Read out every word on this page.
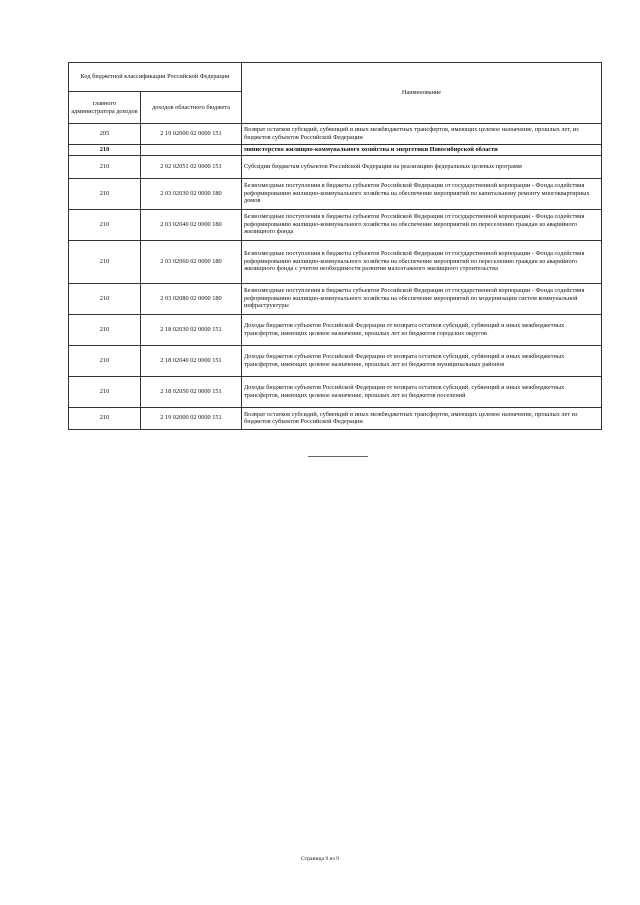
Код бюджетной классификации Российской Федерации		Наименование
главного администратора доходов	доходов областного бюджета	
205	2 19 02000 02 0000 151	Возврат остатков субсидий, субвенций и иных межбюджетных трансфертов, имеющих целевое назначение, прошлых лет, из бюджетов субъектов Российской Федерации
210		министерство жилищно-коммунального хозяйства и энергетики Новосибирской области
210	2 02 02051 02 0000 151	Субсидии бюджетам субъектов Российской Федерации на реализацию федеральных целевых программ
210	2 03 02030 02 0000 180	Безвозмездные поступления в бюджеты субъектов Российской Федерации от государственной корпорации - Фонда содействия реформированию жилищно-коммунального хозяйства на обеспечение мероприятий по капитальному ремонту многоквартирных домов
210	2 03 02040 02 0000 180	Безвозмездные поступления в бюджеты субъектов Российской Федерации от государственной корпорации - Фонда содействия реформированию жилищно-коммунального хозяйства на обеспечение мероприятий по переселению граждан из аварийного жилищного фонда
210	2 03 02060 02 0000 180	Безвозмездные поступления в бюджеты субъектов Российской Федерации от государственной корпорации - Фонда содействия реформированию жилищно-коммунального хозяйства на обеспечение мероприятий по переселению граждан из аварийного жилищного фонда с учетом необходимости развития малоэтажного жилищного строительства
210	2 03 02080 02 0000 180	Безвозмездные поступления в бюджеты субъектов Российской Федерации от государственной корпорации - Фонда содействия реформированию жилищно-коммунального хозяйства на обеспечение мероприятий по модернизации систем коммунальной инфраструктуры
210	2 18 02030 02 0000 151	Доходы бюджетов субъектов Российской Федерации от возврата остатков субсидий, субвенций и иных межбюджетных трансфертов, имеющих целевое назначение, прошлых лет из бюджетов городских округов
210	2 18 02040 02 0000 151	Доходы бюджетов субъектов Российской Федерации от возврата остатков субсидий, субвенций и иных межбюджетных трансфертов, имеющих целевое назначение, прошлых лет из бюджетов муниципальных районов
210	2 18 02050 02 0000 151	Доходы бюджетов субъектов Российской Федерации от возврата остатков субсидий, субвенций и иных межбюджетных трансфертов, имеющих целевое назначение, прошлых лет из бюджетов поселений
210	2 19 02000 02 0000 151	Возврат остатков субсидий, субвенций и иных межбюджетных трансфертов, имеющих целевое назначение, прошлых лет из бюджетов субъектов Российской Федерации
Страница 9 из 9
